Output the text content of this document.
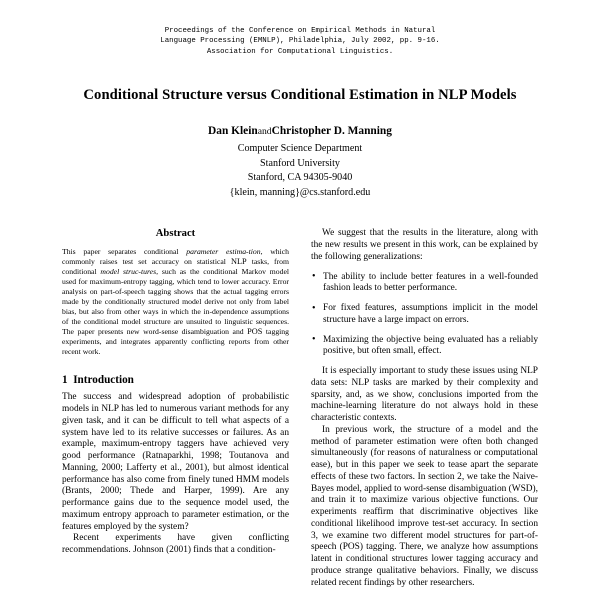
Proceedings of the Conference on Empirical Methods in Natural
Language Processing (EMNLP), Philadelphia, July 2002, pp. 9-16.
Association for Computational Linguistics.
Conditional Structure versus Conditional Estimation in NLP Models
Dan KleinandChristopher D. Manning
Computer Science Department
Stanford University
Stanford, CA 94305-9040
{klein, manning}@cs.stanford.edu
Abstract

This paper separates conditional parameter estima-tion, which commonly raises test set accuracy on statistical NLP tasks, from conditional model struc-tures, such as the conditional Markov model used for maximum-entropy tagging, which tend to lower accuracy. Error analysis on part-of-speech tagging shows that the actual tagging errors made by the conditionally structured model derive not only from label bias, but also from other ways in which the in-dependence assumptions of the conditional model structure are unsuited to linguistic sequences. The paper presents new word-sense disambiguation and POS tagging experiments, and integrates apparently conflicting reports from other recent work.

1 Introduction

The success and widespread adoption of probabilistic models in NLP has led to numerous variant methods for any given task, and it can be difficult to tell what aspects of a system have led to its relative successes or failures. As an example, maximum-entropy taggers have achieved very good performance (Ratnaparkhi, 1998; Toutanova and Manning, 2000; Lafferty et al., 2001), but almost identical performance has also come from finely tuned HMM models (Brants, 2000; Thede and Harper, 1999). Are any performance gains due to the sequence model used, the maximum entropy approach to parameter estimation, or the features employed by the system?

Recent experiments have given conflicting recommendations. Johnson (2001) finds that a condition-

We suggest that the results in the literature, along with the new results we present in this work, can be explained by the following generalizations:

• The ability to include better features in a well-founded fashion leads to better performance.
• For fixed features, assumptions implicit in the model structure have a large impact on errors.
• Maximizing the objective being evaluated has a reliably positive, but often small, effect.

It is especially important to study these issues using NLP data sets: NLP tasks are marked by their complexity and sparsity, and, as we show, conclusions imported from the machine-learning literature do not always hold in these characteristic contexts.

In previous work, the structure of a model and the method of parameter estimation were often both changed simultaneously (for reasons of naturalness or computational ease), but in this paper we seek to tease apart the separate effects of these two factors. In section 2, we take the Naive-Bayes model, applied to word-sense disambiguation (WSD), and train it to maximize various objective functions. Our experiments reaffirm that discriminative objectives like conditional likelihood improve test-set accuracy. In section 3, we examine two different model structures for part-of-speech (POS) tagging. There, we analyze how assumptions latent in conditional structures lower tagging accuracy and produce strange qualitative behaviors. Finally, we discuss related recent findings by other researchers.
